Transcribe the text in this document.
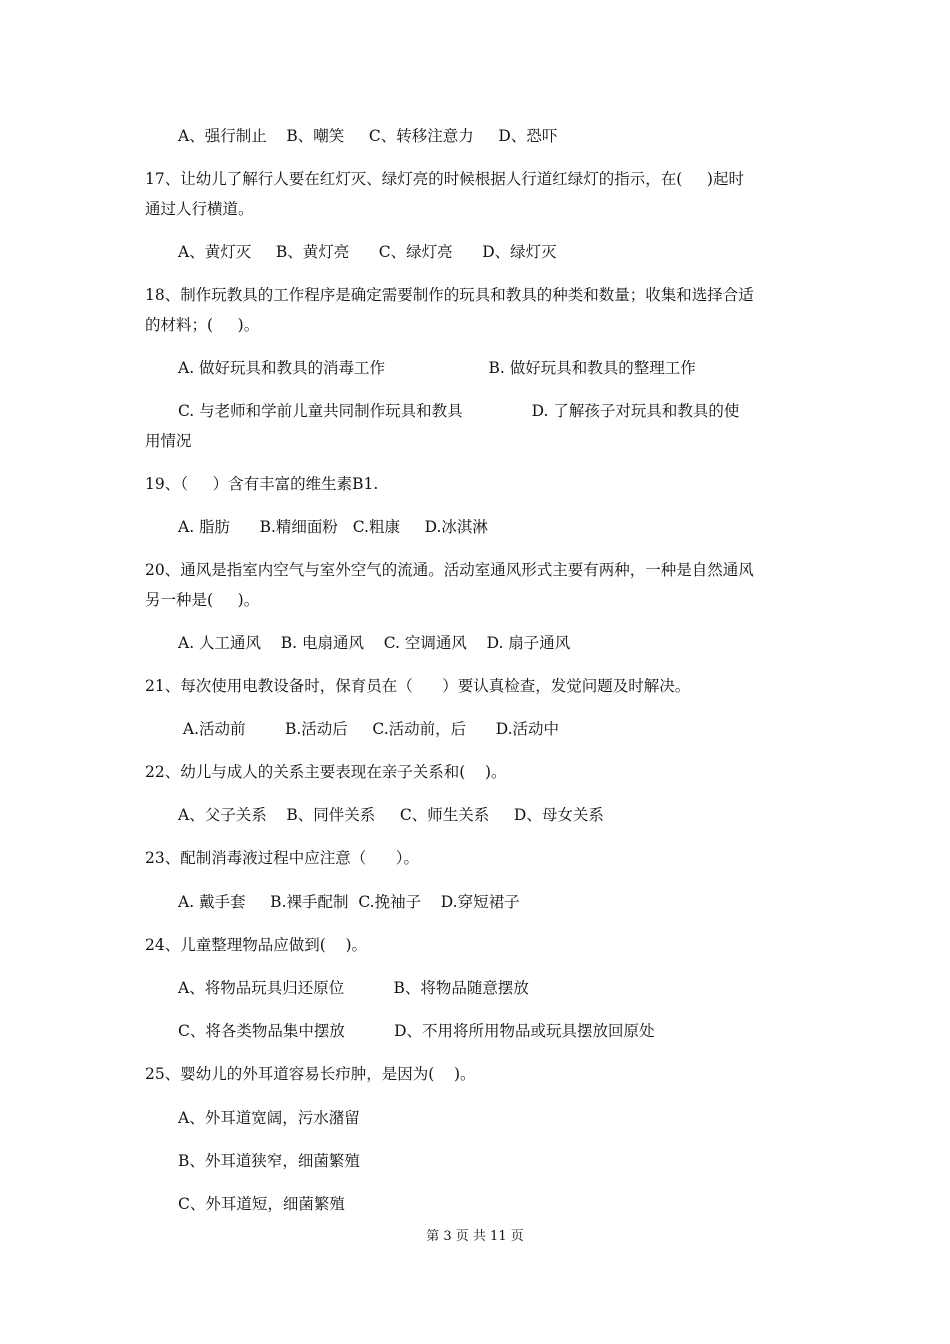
A、强行制止    B、嘲笑     C、转移注意力     D、恐吓
17、让幼儿了解行人要在红灯灭、绿灯亮的时候根据人行道红绿灯的指示，在(     )起时
通过人行横道。
A、黄灯灭     B、黄灯亮      C、绿灯亮      D、绿灯灭
18、制作玩教具的工作程序是确定需要制作的玩具和教具的种类和数量；收集和选择合适
的材料；(     )。
A. 做好玩具和教具的消毒工作                     B. 做好玩具和教具的整理工作
C. 与老师和学前儿童共同制作玩具和教具              D. 了解孩子对玩具和教具的使
用情况
19、（     ）含有丰富的维生素B1.
A. 脂肪      B.精细面粉   C.粗康     D.冰淇淋
20、通风是指室内空气与室外空气的流通。活动室通风形式主要有两种，一种是自然通风
另一种是(     )。
A. 人工通风    B. 电扇通风    C. 空调通风    D. 扇子通风
21、每次使用电教设备时，保育员在（      ）要认真检查，发觉问题及时解决。
A.活动前        B.活动后     C.活动前，后      D.活动中
22、幼儿与成人的关系主要表现在亲子关系和(    )。
A、父子关系    B、同伴关系     C、师生关系     D、母女关系
23、配制消毒液过程中应注意（      ）。
A. 戴手套     B.裸手配制  C.挽袖子    D.穿短裙子
24、儿童整理物品应做到(    )。
A、将物品玩具归还原位          B、将物品随意摆放
C、将各类物品集中摆放          D、不用将所用物品或玩具摆放回原处
25、婴幼儿的外耳道容易长疖肿，是因为(    )。
A、外耳道宽阔，污水潴留
B、外耳道狭窄，细菌繁殖
C、外耳道短，细菌繁殖
第 3 页 共 11 页
